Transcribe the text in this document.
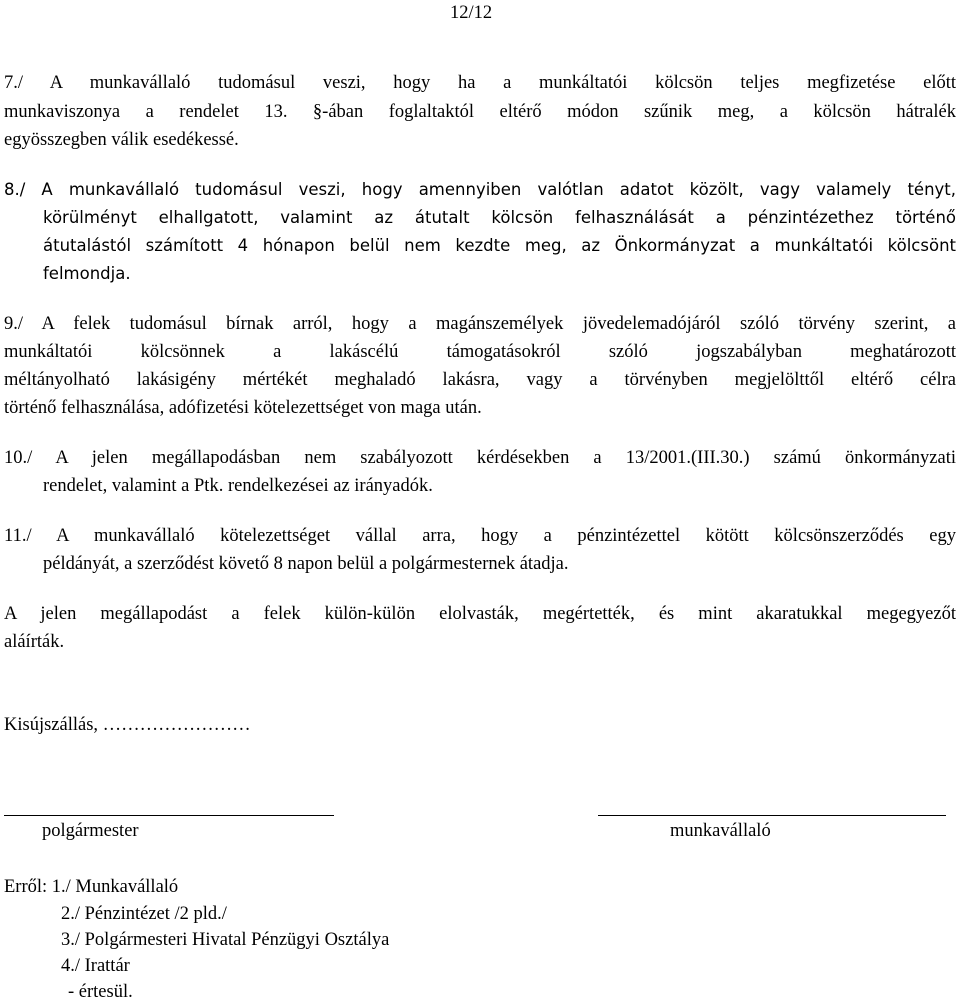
12/12
7./ A munkavállaló tudomásul veszi, hogy ha a munkáltatói kölcsön teljes megfizetése előtt
munkaviszonya a rendelet 13. §-ában foglaltaktól eltérő módon szűnik meg, a kölcsön hátralék
egyösszegben válik esedékessé.
8./ A munkavállaló tudomásul veszi, hogy amennyiben valótlan adatot közölt, vagy valamely tényt,
körülményt elhallgatott, valamint az átutalt kölcsön felhasználását a pénzintézethez történő
átutalástól számított 4 hónapon belül nem kezdte meg, az Önkormányzat a munkáltatói kölcsönt
felmondja.
9./ A felek tudomásul bírnak arról, hogy a magánszemélyek jövedelemadójáról szóló törvény szerint, a
munkáltatói kölcsönnek a lakáscélú támogatásokról szóló jogszabályban meghatározott
méltányolható lakásigény mértékét meghaladó lakásra, vagy a törvényben megjelölttől eltérő célra
történő felhasználása, adófizetési kötelezettséget von maga után.
10./ A jelen megállapodásban nem szabályozott kérdésekben a 13/2001.(III.30.) számú önkormányzati
rendelet, valamint a Ptk. rendelkezései az irányadók.
11./ A munkavállaló kötelezettséget vállal arra, hogy a pénzintézettel kötött kölcsönszerződés egy
példányát, a szerződést követő 8 napon belül a polgármesternek átadja.
A jelen megállapodást a felek külön-külön elolvasták, megértették, és mint akaratukkal megegyezőt
aláírták.
Kisújszállás, ……………………
polgármester	munkavállaló
Erről: 1./ Munkavállaló
2./ Pénzintézet /2 pld./
3./ Polgármesteri Hivatal Pénzügyi Osztálya
4./ Irattár
- értesül.
